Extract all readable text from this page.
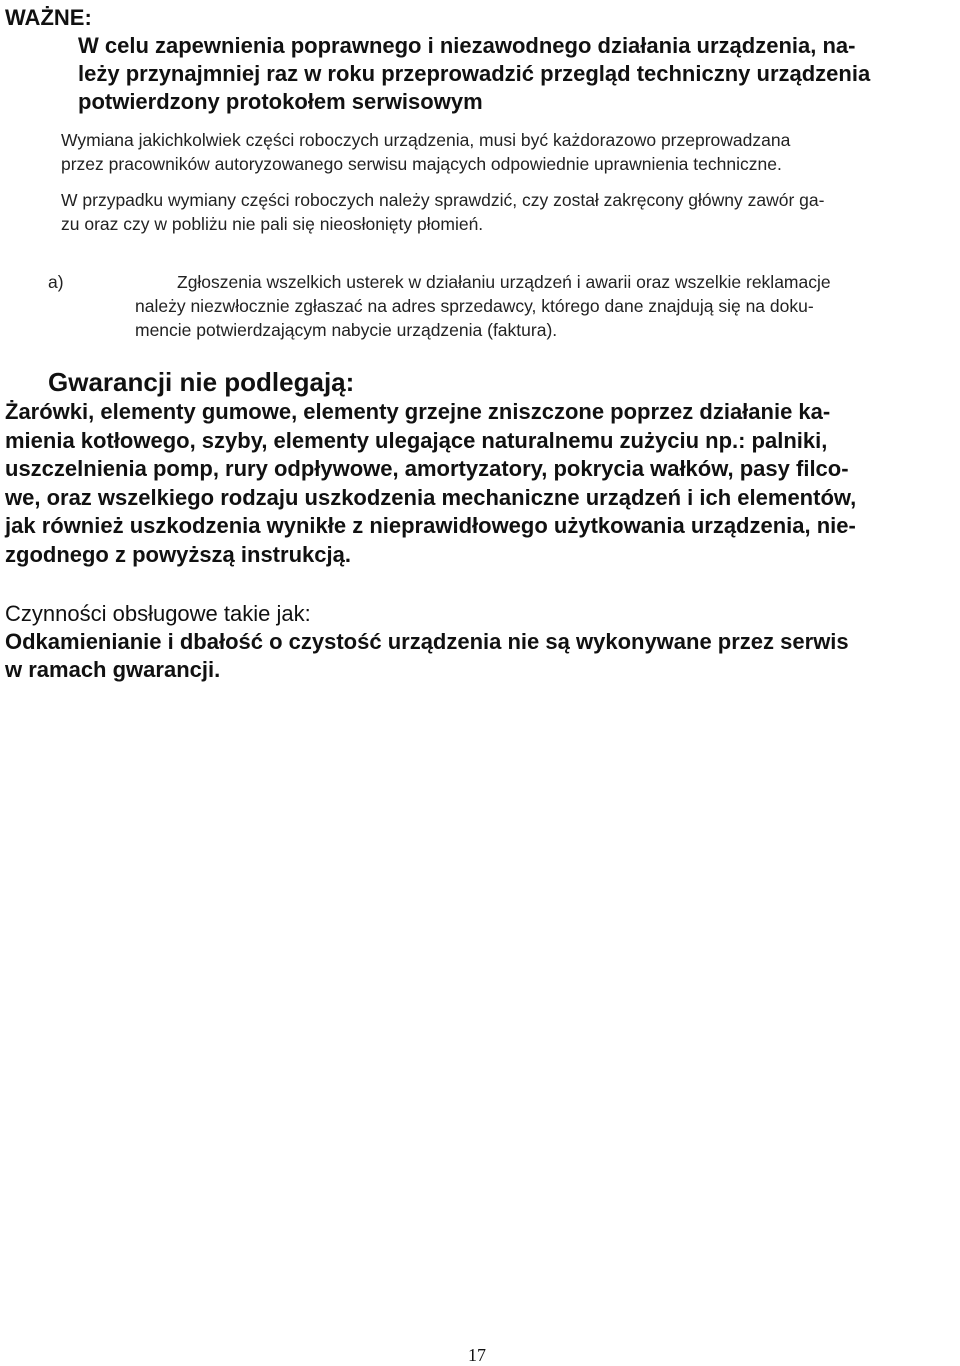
WAŻNE:
W celu zapewnienia poprawnego i niezawodnego działania urządzenia, na-
leży przynajmniej raz w roku przeprowadzić przegląd techniczny urządzenia
potwierdzony protokołem serwisowym
Wymiana jakichkolwiek części roboczych urządzenia, musi być każdorazowo przeprowadzana
przez pracowników autoryzowanego serwisu mających odpowiednie uprawnienia techniczne.
W przypadku wymiany części roboczych należy sprawdzić, czy został zakręcony główny zawór ga-
zu oraz czy w pobliżu nie pali się nieosłonięty płomień.
a)	Zgłoszenia wszelkich usterek w działaniu urządzeń i awarii oraz wszelkie reklamacje
należy niezwłocznie zgłaszać na adres sprzedawcy, którego dane znajdują się na doku-
mencie potwierdzającym nabycie urządzenia (faktura).
Gwarancji nie podlegają:
Żarówki, elementy gumowe, elementy grzejne zniszczone poprzez działanie ka-
mienia kotłowego, szyby, elementy ulegające naturalnemu zużyciu np.: palniki,
uszczelnienia pomp, rury odpływowe, amortyzatory, pokrycia wałków, pasy filco-
we, oraz wszelkiego rodzaju uszkodzenia mechaniczne urządzeń i ich elementów,
jak również uszkodzenia wynikłe z nieprawidłowego użytkowania urządzenia, nie-
zgodnego z powyższą instrukcją.
Czynności obsługowe takie jak:
Odkamienianie i dbałość o czystość urządzenia nie są wykonywane przez serwis
w ramach gwarancji.
17
